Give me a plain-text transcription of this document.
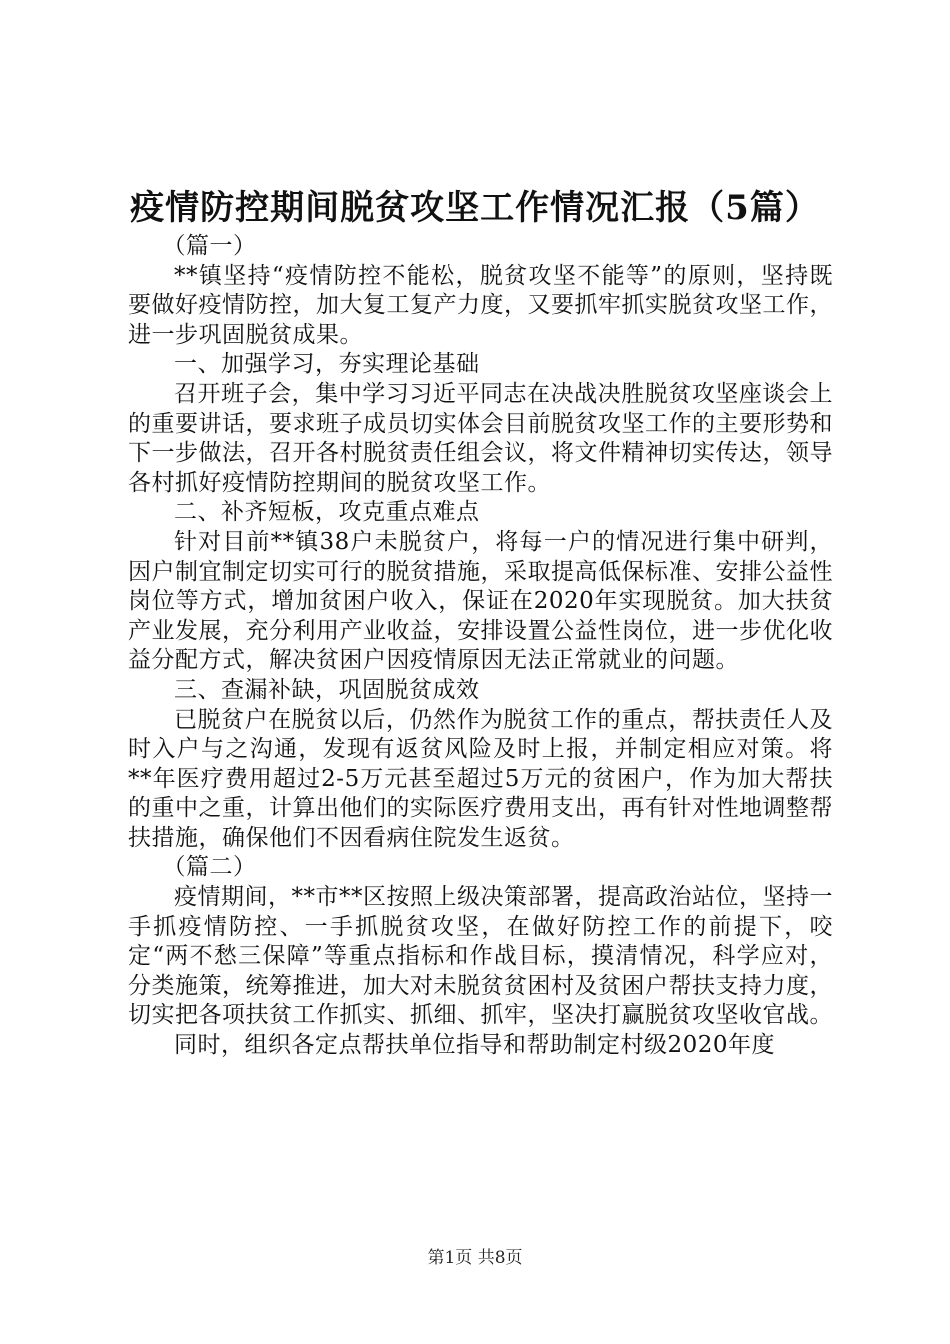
疫情防控期间脱贫攻坚工作情况汇报（5篇）

（篇一）

**镇坚持“疫情防控不能松，脱贫攻坚不能等”的原则，坚持既要做好疫情防控，加大复工复产力度，又要抓牢抓实脱贫攻坚工作，进一步巩固脱贫成果。

一、加强学习，夯实理论基础

召开班子会，集中学习习近平同志在决战决胜脱贫攻坚座谈会上的重要讲话，要求班子成员切实体会目前脱贫攻坚工作的主要形势和下一步做法，召开各村脱贫责任组会议，将文件精神切实传达，领导各村抓好疫情防控期间的脱贫攻坚工作。

二、补齐短板，攻克重点难点

针对目前**镇38户未脱贫户，将每一户的情况进行集中研判，因户制宜制定切实可行的脱贫措施，采取提高低保标准、安排公益性岗位等方式，增加贫困户收入，保证在2020年实现脱贫。加大扶贫产业发展，充分利用产业收益，安排设置公益性岗位，进一步优化收益分配方式，解决贫困户因疫情原因无法正常就业的问题。

三、查漏补缺，巩固脱贫成效

已脱贫户在脱贫以后，仍然作为脱贫工作的重点，帮扶责任人及时入户与之沟通，发现有返贫风险及时上报，并制定相应对策。将**年医疗费用超过2-5万元甚至超过5万元的贫困户，作为加大帮扶的重中之重，计算出他们的实际医疗费用支出，再有针对性地调整帮扶措施，确保他们不因看病住院发生返贫。

（篇二）

疫情期间，**市**区按照上级决策部署，提高政治站位，坚持一手抓疫情防控、一手抓脱贫攻坚，在做好防控工作的前提下，咬定“两不愁三保障”等重点指标和作战目标，摸清情况，科学应对，分类施策，统筹推进，加大对未脱贫贫困村及贫困户帮扶支持力度，切实把各项扶贫工作抓实、抓细、抓牢，坚决打赢脱贫攻坚收官战。

同时，组织各定点帮扶单位指导和帮助制定村级2020年度

第1页 共8页
